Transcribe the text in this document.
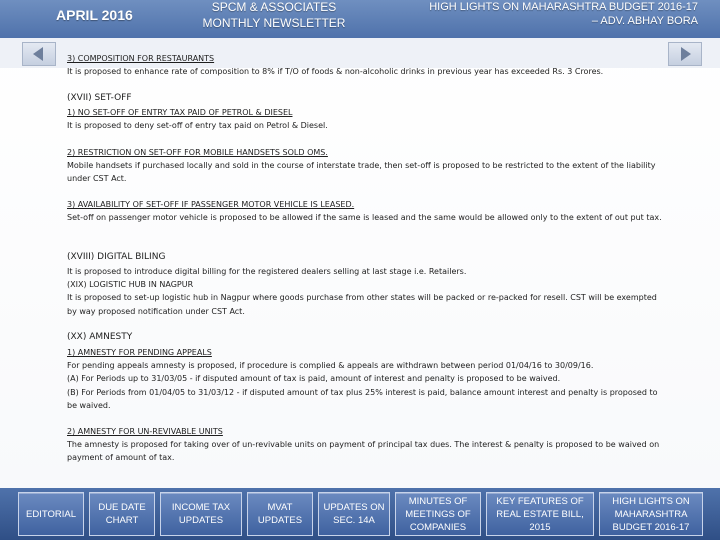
APRIL 2016	SPCM & ASSOCIATES
MONTHLY NEWSLETTER
HIGH LIGHTS ON MAHARASHTRA BUDGET 2016-17
– ADV. ABHAY BORA
3) COMPOSITION FOR RESTAURANTS
It is proposed to enhance rate of composition to 8% if T/O of foods & non-alcoholic drinks in previous year has exceeded Rs. 3 Crores.
(XVII) SET-OFF
1) NO SET-OFF OF ENTRY TAX PAID OF PETROL & DIESEL
It is proposed to deny set-off of entry tax paid on Petrol & Diesel.
2) RESTRICTION ON SET-OFF FOR MOBILE HANDSETS SOLD OMS.
Mobile handsets if purchased locally and sold in the course of interstate trade, then set-off is proposed to be restricted to the extent of the liability under CST Act.
3) AVAILABILITY OF SET-OFF IF PASSENGER MOTOR VEHICLE IS LEASED.
Set-off on passenger motor vehicle is proposed to be allowed if the same is leased and the same would be allowed only to the extent of out put tax.
(XVIII) DIGITAL BILING
It is proposed to introduce digital billing for the registered dealers selling at last stage i.e. Retailers.
(XIX) LOGISTIC HUB IN NAGPUR
It is proposed to set-up logistic hub in Nagpur where goods purchase from other states will be packed or re-packed for resell. CST will be exempted by way proposed notification under CST Act.
(XX) AMNESTY
1) AMNESTY FOR PENDING APPEALS
For pending appeals amnesty is proposed, if procedure is complied & appeals are withdrawn between period 01/04/16 to 30/09/16.
(A) For Periods up to 31/03/05 - if disputed amount of tax is paid, amount of interest and penalty is proposed to be waived.
(B) For Periods from 01/04/05 to 31/03/12 - if disputed amount of tax plus 25% interest is paid, balance amount interest and penalty is proposed to be waived.
2) AMNESTY FOR UN-REVIVABLE UNITS
The amnesty is proposed for taking over of un-revivable units on payment of principal tax dues. The interest & penalty is proposed to be waived on payment of amount of tax.
EDITORIAL
DUE DATE CHART
INCOME TAX UPDATES
MVAT UPDATES
UPDATES ON SEC. 14A
MINUTES OF MEETINGS OF COMPANIES
KEY FEATURES OF REAL ESTATE BILL, 2015
HIGH LIGHTS ON MAHARASHTRA BUDGET 2016-17
